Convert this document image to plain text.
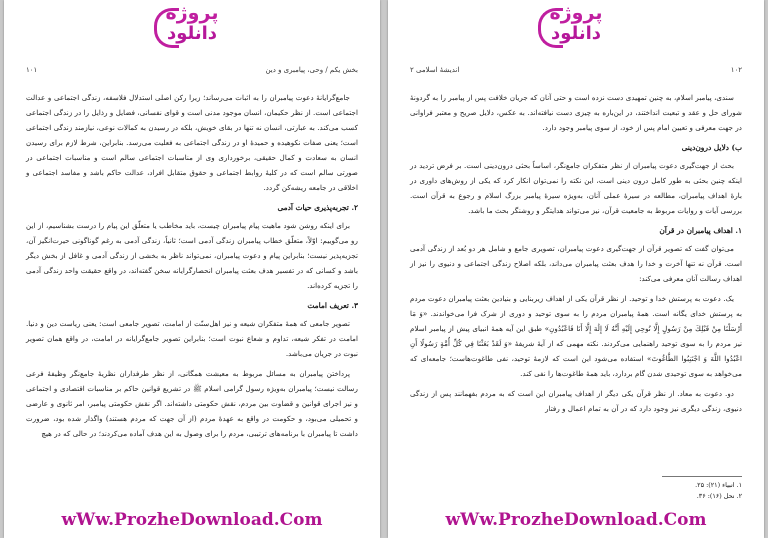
پروژه
دانلود
بخش یکم / وحی، پیامبری و دین
۱۰۱

جامع‌گرایانهٔ دعوت پیامبران را به اثبات می‌رساند؛ زیرا رکن اصلی استدلال فلاسفه، زندگی اجتماعی و عدالت اجتماعی است. از نظر حکیمان، انسان موجود مدنی است و قوای نفسانی، فضایل و رذایل را در زندگی اجتماعی کسب می‌کند. به عبارتی، انسان نه تنها در بقای خویش، بلکه در رسیدن به کمالات نوعی، نیازمند زندگی اجتماعی است؛ یعنی صفات نکوهیده و حمیدهٔ او در زندگی اجتماعی به فعلیت می‌رسد. بنابراین، شرط لازم برای رسیدن انسان به سعادت و کمال حقیقی، برخورداری وی از مناسبات اجتماعی سالم است و مناسبات اجتماعی در صورتی سالم است که در کلیهٔ روابط اجتماعی و حقوق متقابل افراد، عدالت حاکم باشد و مفاسد اجتماعی و اخلاقی در جامعه ریشه‌کن گردد.

۲. تجربه‌پذیری حیات آدمی

برای اینکه روشن شود ماهیت پیام پیامبران چیست، باید مخاطب یا متعلّق این پیام را درست بشناسیم، از این رو می‌گوییم: اوّلاً، متعلّق خطاب پیامبران زندگی آدمی است؛ ثانیاً، زندگی آدمی به رغم گوناگونی حیرت‌انگیز آن، تجزیه‌پذیر نیست؛ بنابراین پیام و دعوت پیامبران، نمی‌تواند ناظر به بخشی از زندگی آدمی و غافل از بخش دیگر باشد و کسانی که در تفسیر هدف بعثت پیامبران انحصارگرایانه سخن گفته‌اند، در واقع حقیقت واحد زندگی آدمی را تجزیه کرده‌اند.

۳. تعریف امامت

تصویر جامعی که همهٔ متفکران شیعه و نیز اهل‌سنّت از امامت، تصویر جامعی است: یعنی ریاست دین و دنیا. امامت در تفکر شیعه، تداوم و شعاع نبوت است؛ بنابراین تصویر جامع‌گرایانه در امامت، در واقع همان تصویر نبوت در جریان می‌باشد.

پرداختن پیامبران به مسائل مربوط به معیشت همگانی، از نظر طرفداران نظریهٔ جامع‌نگر وظیفهٔ فرعی رسالت نیست؛ پیامبران به‌ویژه رسول گرامی اسلام ﷺ در تشریع قوانین حاکم بر مناسبات اقتصادی و اجتماعی و نیز اجرای قوانین و قضاوت بین مردم، نقش حکومتی داشته‌اند. اگر نقش حکومتی پیامبر، امر ثانوی و عارضی و تحمیلی می‌بود، و حکومت در واقع به عهدهٔ مردم (از آن جهت که مردم هستند) واگذار شده بود، ضرورت داشت تا پیامبران با برنامه‌های ترتیبی، مردم را برای وصول به این هدف آماده می‌کردند؛ در حالی که در هیچ

wWw.ProzheDownload.Com
پروژه
دانلود
اندیشهٔ اسلامی ۲	۱۰۲

سندی، پیامبر اسلام، به چنین تمهیدی دست نزده است و حتی آنان که جریان خلافت پس از پیامبر را به گردونهٔ شورای حل و عقد و تبعیت انداختند، در این‌باره به چیزی دست نیافته‌اند. به عکس، دلایل صریح و معتبر فراوانی در جهت معرفی و تعیین امام پس از خود، از سوی پیامبر وجود دارد.

ب) دلایل درون‌دینی

بحث از جهت‌گیری دعوت پیامبران از نظر متفکران جامع‌نگر، اساساً بحثی درون‌دینی است. بر فرض تردید در اینکه چنین بحثی به طور کامل درون دینی است، این نکته را نمی‌توان انکار کرد که یکی از روش‌های داوری در بارهٔ اهداف پیامبران، مطالعه در سیرهٔ عملی آنان، به‌ویژه سیرهٔ پیامبر بزرگ اسلام و رجوع به قرآن است. بررسی آیات و روایات مربوط به جامعیت قرآن، نیز می‌تواند هدایتگر و روشنگر بحث ما باشد.

۱. اهداف پیامبران در قرآن

می‌توان گفت که تصویر قرآن از جهت‌گیری دعوت پیامبران، تصویری جامع و شامل هر دو بُعد از زندگی آدمی است. قرآن نه تنها آخرت و خدا را هدف بعثت پیامبران می‌داند، بلکه اصلاح زندگی اجتماعی و دنیوی را نیز از اهداف رسالت آنان معرفی می‌کند:

یک. دعوت به پرستش خدا و توحید. از نظر قرآن یکی از اهداف زیربنایی و بنیادین بعثت پیامبران دعوت مردم به پرستش خدای یگانه است. همهٔ پیامبران مردم را به سوی توحید و دوری از شرک فرا می‌خواندند. «وَ مَا أَرْسَلْنَا مِنْ قَبْلِكَ مِنْ رَسُولٍ إِلَّا نُوحِي إِلَيْهِ أَنَّهُ لَا إِلَٰهَ إِلَّا أَنَا فَاعْبُدُونِ» طبق این آیه همهٔ انبیای پیش از پیامبر اسلام نیز مردم را به سوی توحید راهنمایی می‌کردند. نکته مهمی که از آیهٔ شریفهٔ «وَ لَقَدْ بَعَثْنَا فِي كُلِّ أُمَّةٍ رَسُولًا أَنِ اعْبُدُوا اللَّهَ وَ اجْتَنِبُوا الطَّاغُوتَ» استفاده می‌شود این است که لازمهٔ توحید، نفی طاغوت‌هاست؛ جامعه‌ای که می‌خواهد به سوی توحیدی شدن گام بردارد، باید همهٔ طاغوت‌ها را نفی کند.

دو. دعوت به معاد. از نظر قرآن یکی دیگر از اهداف پیامبران این است که به مردم بفهمانند پس از زندگی دنیوی، زندگی دیگری نیز وجود دارد که در آن به تمام اعمال و رفتار

۱. انبیاء (۲۱): ۲۵.
۲. نحل (۱۶): ۳۶.
wWw.ProzheDownload.Com
